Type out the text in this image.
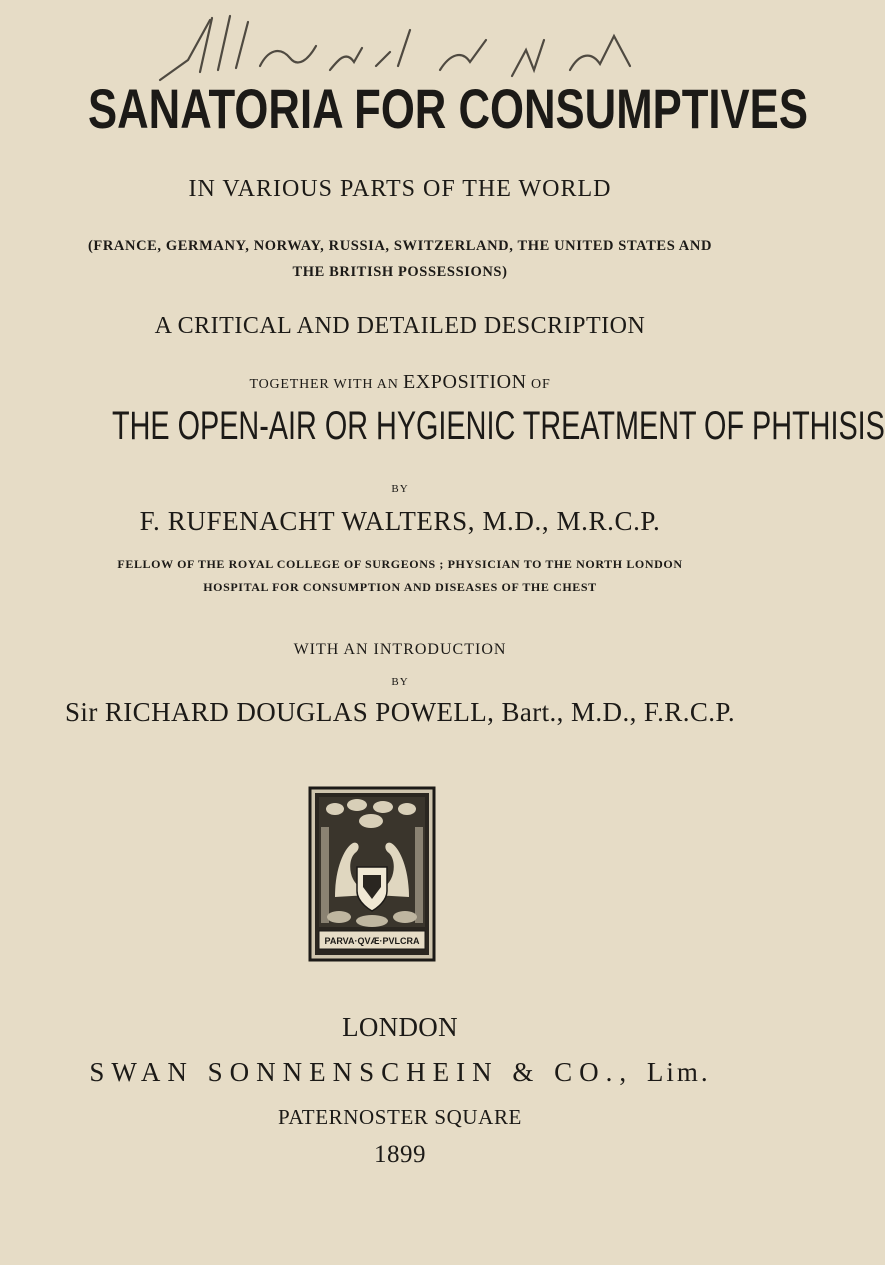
SANATORIA FOR CONSUMPTIVES
IN VARIOUS PARTS OF THE WORLD
(FRANCE, GERMANY, NORWAY, RUSSIA, SWITZERLAND, THE UNITED STATES AND
THE BRITISH POSSESSIONS)
A CRITICAL AND DETAILED DESCRIPTION
TOGETHER WITH AN EXPOSITION OF
THE OPEN-AIR OR HYGIENIC TREATMENT OF PHTHISIS
BY
F. RUFENACHT WALTERS, M.D., M.R.C.P.
FELLOW OF THE ROYAL COLLEGE OF SURGEONS ; PHYSICIAN TO THE NORTH LONDON
HOSPITAL FOR CONSUMPTION AND DISEASES OF THE CHEST
WITH AN INTRODUCTION
BY
Sir RICHARD DOUGLAS POWELL, Bart., M.D., F.R.C.P.
PARVA·QVÆ·PVLCRA
LONDON
SWAN SONNENSCHEIN & CO., Lim.
PATERNOSTER SQUARE
1899
